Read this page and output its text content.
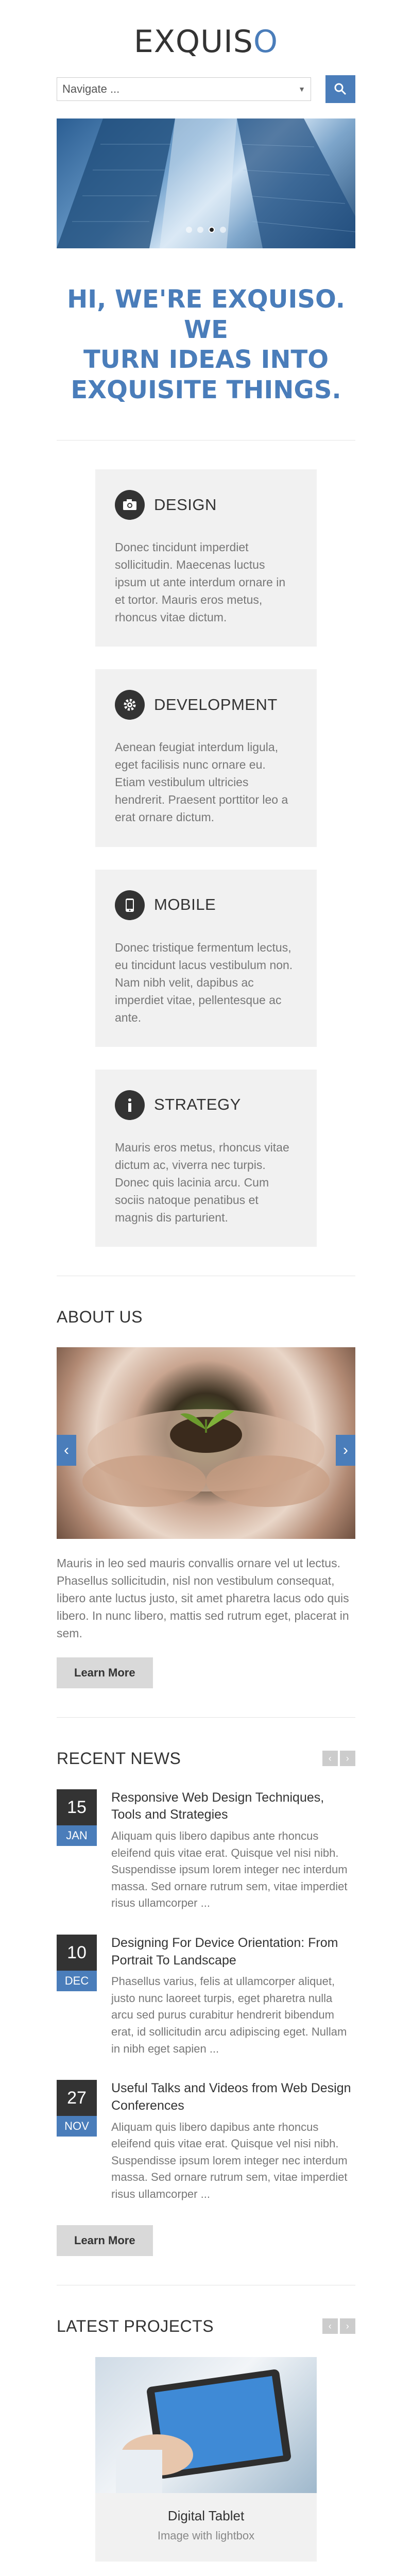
EXQUISO
Navigate ...	▼
HI, WE'RE EXQUISO. WE
TURN IDEAS INTO
EXQUISITE THINGS.
DESIGN

Donec tincidunt imperdiet sollicitudin. Maecenas luctus ipsum ut ante interdum ornare in et tortor. Mauris eros metus, rhoncus vitae dictum.

DEVELOPMENT

Aenean feugiat interdum ligula, eget facilisis nunc ornare eu. Etiam vestibulum ultricies hendrerit. Praesent porttitor leo a erat ornare dictum.

MOBILE

Donec tristique fermentum lectus, eu tincidunt lacus vestibulum non. Nam nibh velit, dapibus ac imperdiet vitae, pellentesque ac ante.

STRATEGY

Mauris eros metus, rhoncus vitae dictum ac, viverra nec turpis. Donec quis lacinia arcu. Cum sociis natoque penatibus et magnis dis parturient.

ABOUT US
‹	›

Mauris in leo sed mauris convallis ornare vel ut lectus. Phasellus sollicitudin, nisl non vestibulum consequat, libero ante luctus justo, sit amet pharetra lacus odo quis libero. In nunc libero, mattis sed rutrum eget, placerat in sem.

Learn More
RECENT NEWS	‹	›
15
JAN
Responsive Web Design Techniques, Tools and Strategies

Aliquam quis libero dapibus ante rhoncus eleifend quis vitae erat. Quisque vel nisi nibh. Suspendisse ipsum lorem integer nec interdum massa. Sed ornare rutrum sem, vitae imperdiet risus ullamcorper ...

10
DEC
Designing For Device Orientation: From Portrait To Landscape

Phasellus varius, felis at ullamcorper aliquet, justo nunc laoreet turpis, eget pharetra nulla arcu sed purus curabitur hendrerit bibendum erat, id sollicitudin arcu adipiscing eget. Nullam in nibh eget sapien ...

27
NOV
Useful Talks and Videos from Web Design Conferences

Aliquam quis libero dapibus ante rhoncus eleifend quis vitae erat. Quisque vel nisi nibh. Suspendisse ipsum lorem integer nec interdum massa. Sed ornare rutrum sem, vitae imperdiet risus ullamcorper ...

Learn More
LATEST PROJECTS	‹	›
Digital Tablet
Image with lightbox
